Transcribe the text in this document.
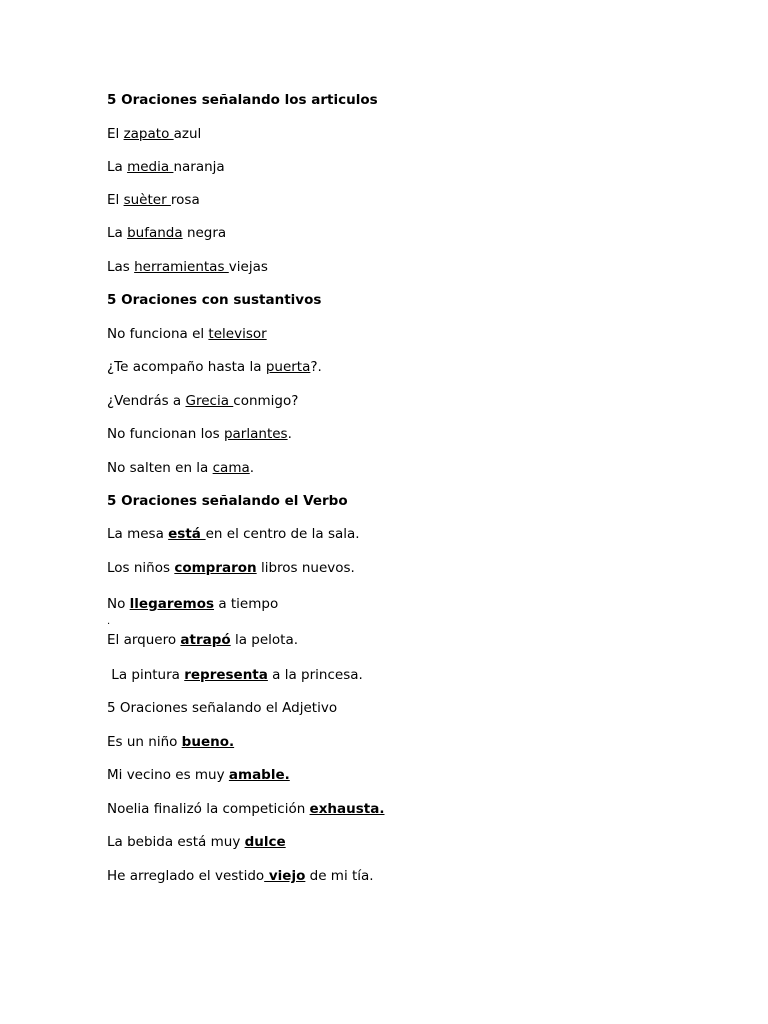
5 Oraciones señalando los articulos
El zapato azul
La media naranja
El suèter rosa
La bufanda negra
Las herramientas viejas
5 Oraciones con sustantivos
No funciona el televisor
¿Te acompaño hasta la puerta?.
¿Vendrás a Grecia conmigo?
No funcionan los parlantes.
No salten en la cama.
5 Oraciones señalando el Verbo
La mesa está en el centro de la sala.
Los niños compraron libros nuevos.
No llegaremos a tiempo
El arquero atrapó la pelota.
La pintura representa a la princesa.
5 Oraciones señalando el Adjetivo
Es un niño bueno.
Mi vecino es muy amable.
Noelia finalizó la competición exhausta.
La bebida está muy dulce
He arreglado el vestido viejo de mi tía.
.
